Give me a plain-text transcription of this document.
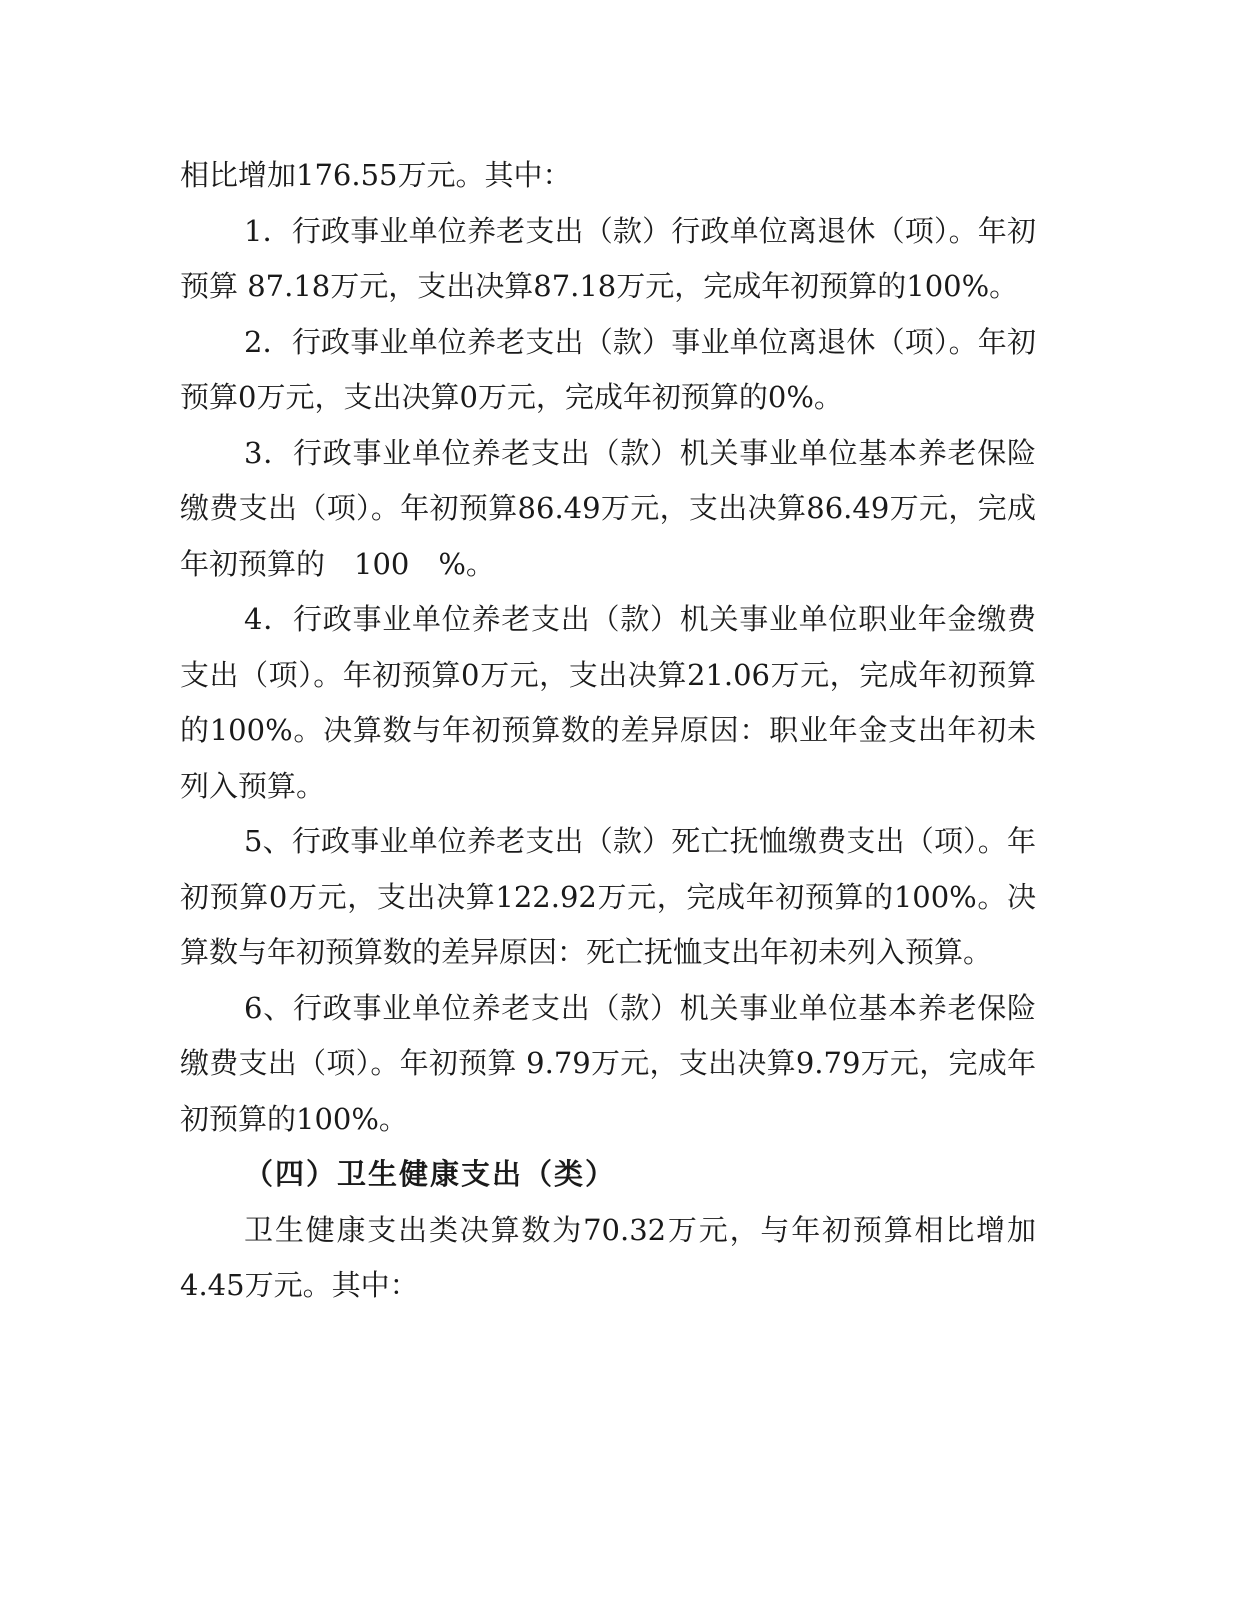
相比增加176.55万元。其中：

1．行政事业单位养老支出（款）行政单位离退休（项）。年初预算 87.18万元，支出决算87.18万元，完成年初预算的100%。

2．行政事业单位养老支出（款）事业单位离退休（项）。年初预算0万元，支出决算0万元，完成年初预算的0%。

3．行政事业单位养老支出（款）机关事业单位基本养老保险缴费支出（项）。年初预算86.49万元，支出决算86.49万元，完成年初预算的　100　%。

4．行政事业单位养老支出（款）机关事业单位职业年金缴费支出（项）。年初预算0万元，支出决算21.06万元，完成年初预算的100%。决算数与年初预算数的差异原因：职业年金支出年初未列入预算。

5、行政事业单位养老支出（款）死亡抚恤缴费支出（项）。年初预算0万元，支出决算122.92万元，完成年初预算的100%。决算数与年初预算数的差异原因：死亡抚恤支出年初未列入预算。

6、行政事业单位养老支出（款）机关事业单位基本养老保险缴费支出（项）。年初预算 9.79万元，支出决算9.79万元，完成年初预算的100%。

（四）卫生健康支出（类）

卫生健康支出类决算数为70.32万元，与年初预算相比增加4.45万元。其中：
